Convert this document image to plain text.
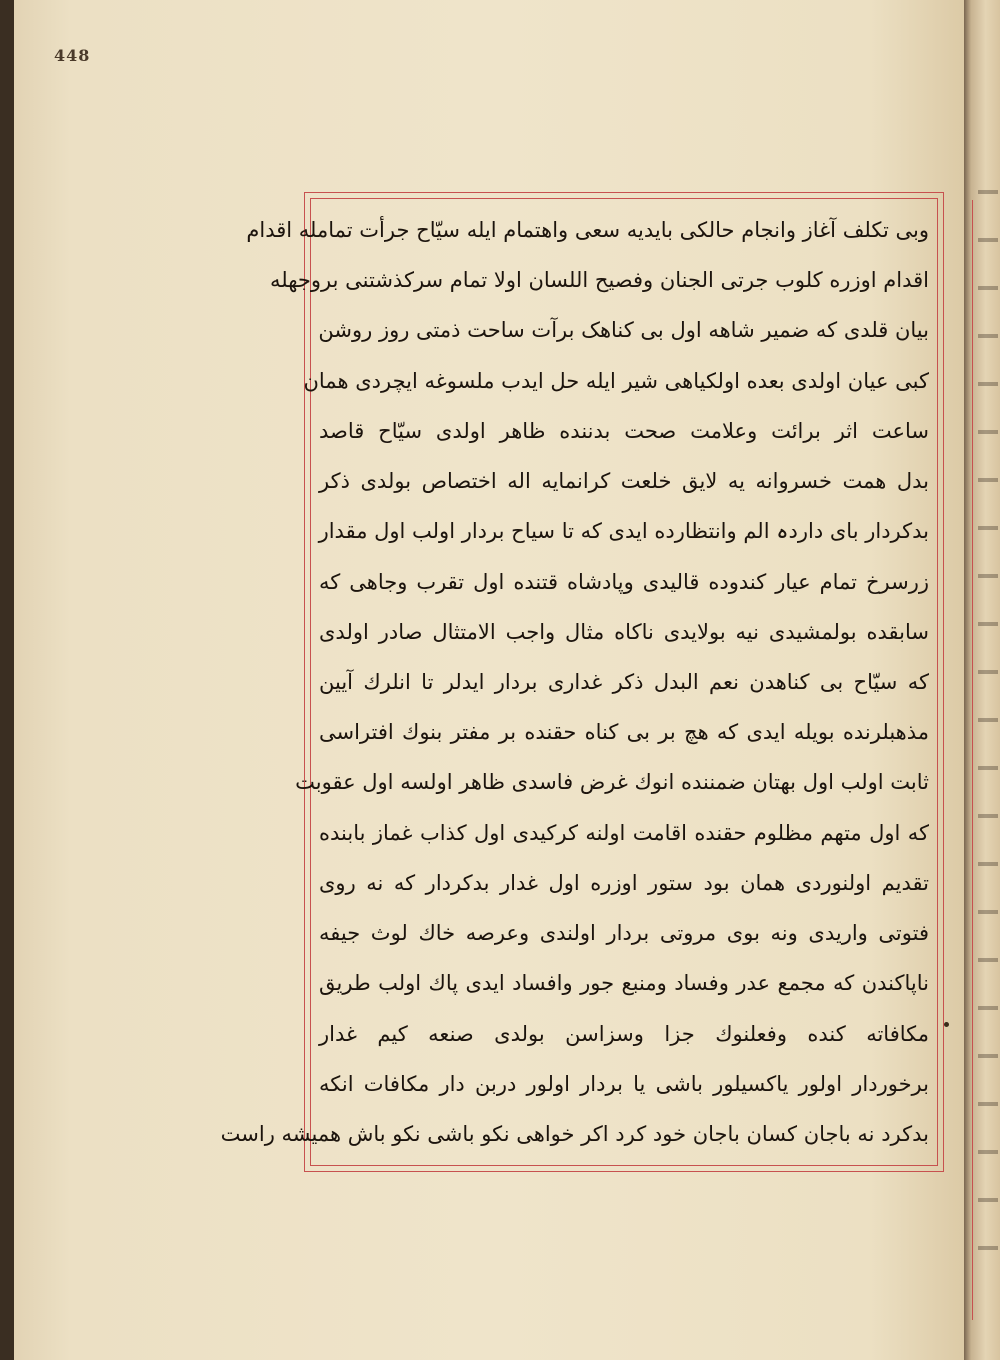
448
وبی تکلف آغاز وانجام حالکی بایدیه سعی واهتمام ایله سیّاح جرأت تمامله اقدام
اقدام اوزره کلوب جرتی الجنان وفصیح اللسان اولا تمام سرکذشتنی بروجهله
بیان قلدی که ضمیر شاهه اول بی کناهک برآت ساحت ذمتی روز روشن
کبی عیان اولدی بعده اولکیاهی شیر ایله حل ایدب ملسوغه ایچردی همان
ساعت اثر برائت وعلامت صحت بدننده ظاهر اولدی سیّاح قاصد
بدل همت خسروانه یه لایق خلعت کرانمایه اله اختصاص بولدی ذکر
بدکردار بای داردہ الم وانتظارده ایدی که تا سیاح بردار اولب اول مقدار
زرسرخ تمام عیار کندوده قالیدی وپادشاه قتنده اول تقرب وجاهی که
سابقده بولمشیدی نیه بولایدی ناکاه مثال واجب الامتثال صادر اولدی
که سیّاح بی کناهدن نعم البدل ذکر غداری بردار ایدلر تا انلرك آیین
مذهبلرنده بویله ایدی که هچ بر بی کناه حقنده بر مفتر بنوك افتراسی
ثابت اولب اول بهتان ضمننده انوك غرض فاسدی ظاهر اولسه اول عقوبت
که اول متهم مظلوم حقنده اقامت اولنه کرکیدی اول کذاب غماز بابنده
تقدیم اولنوردی همان بود ستور اوزره اول غدار بدکردار که نه روی
فتوتی واریدی ونه بوی مروتی بردار اولندی وعرصه خاك لوث جیفه
ناپاکندن که مجمع عدر وفساد ومنبع جور وافساد ایدی پاك اولب طریق
مکافاته کنده وفعلنوك جزا وسزاسن بولدی صنعه کیم غدار
برخوردار اولور یاکسیلور باشی یا بردار اولور دربن دار مکافات انکه
بدکرد نه باجان کسان باجان خود کرد اکر خواهی نکو باشی نکو باش همیشه راست
